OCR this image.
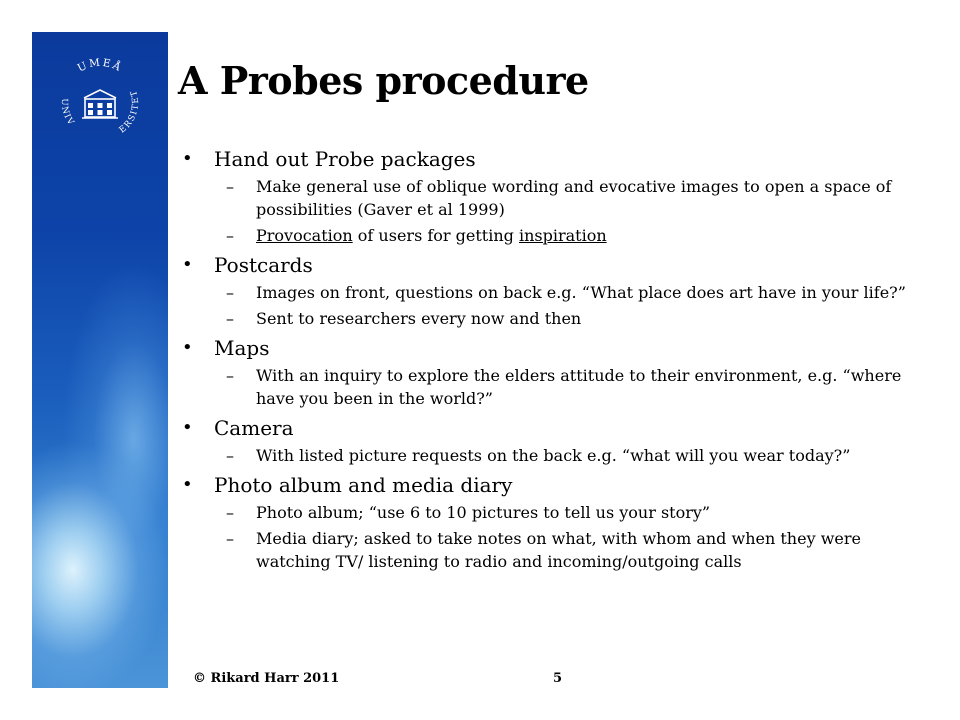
UMEÅ
UNIV
ERSITET A Probes procedure
• Hand out Probe packages
– Make general use of oblique wording and evocative images to open a space of possibilities (Gaver et al 1999)
– Provocation of users for getting inspiration
• Postcards
– Images on front, questions on back e.g. “What place does art have in your life?”
– Sent to researchers every now and then
• Maps
– With an inquiry to explore the elders attitude to their environment, e.g. “where have you been in the world?”
• Camera
– With listed picture requests on the back e.g. “what will you wear today?”
• Photo album and media diary
– Photo album; “use 6 to 10 pictures to tell us your story”
– Media diary; asked to take notes on what, with whom and when they were watching TV/ listening to radio and incoming/outgoing calls
© Rikard Harr 2011	5
